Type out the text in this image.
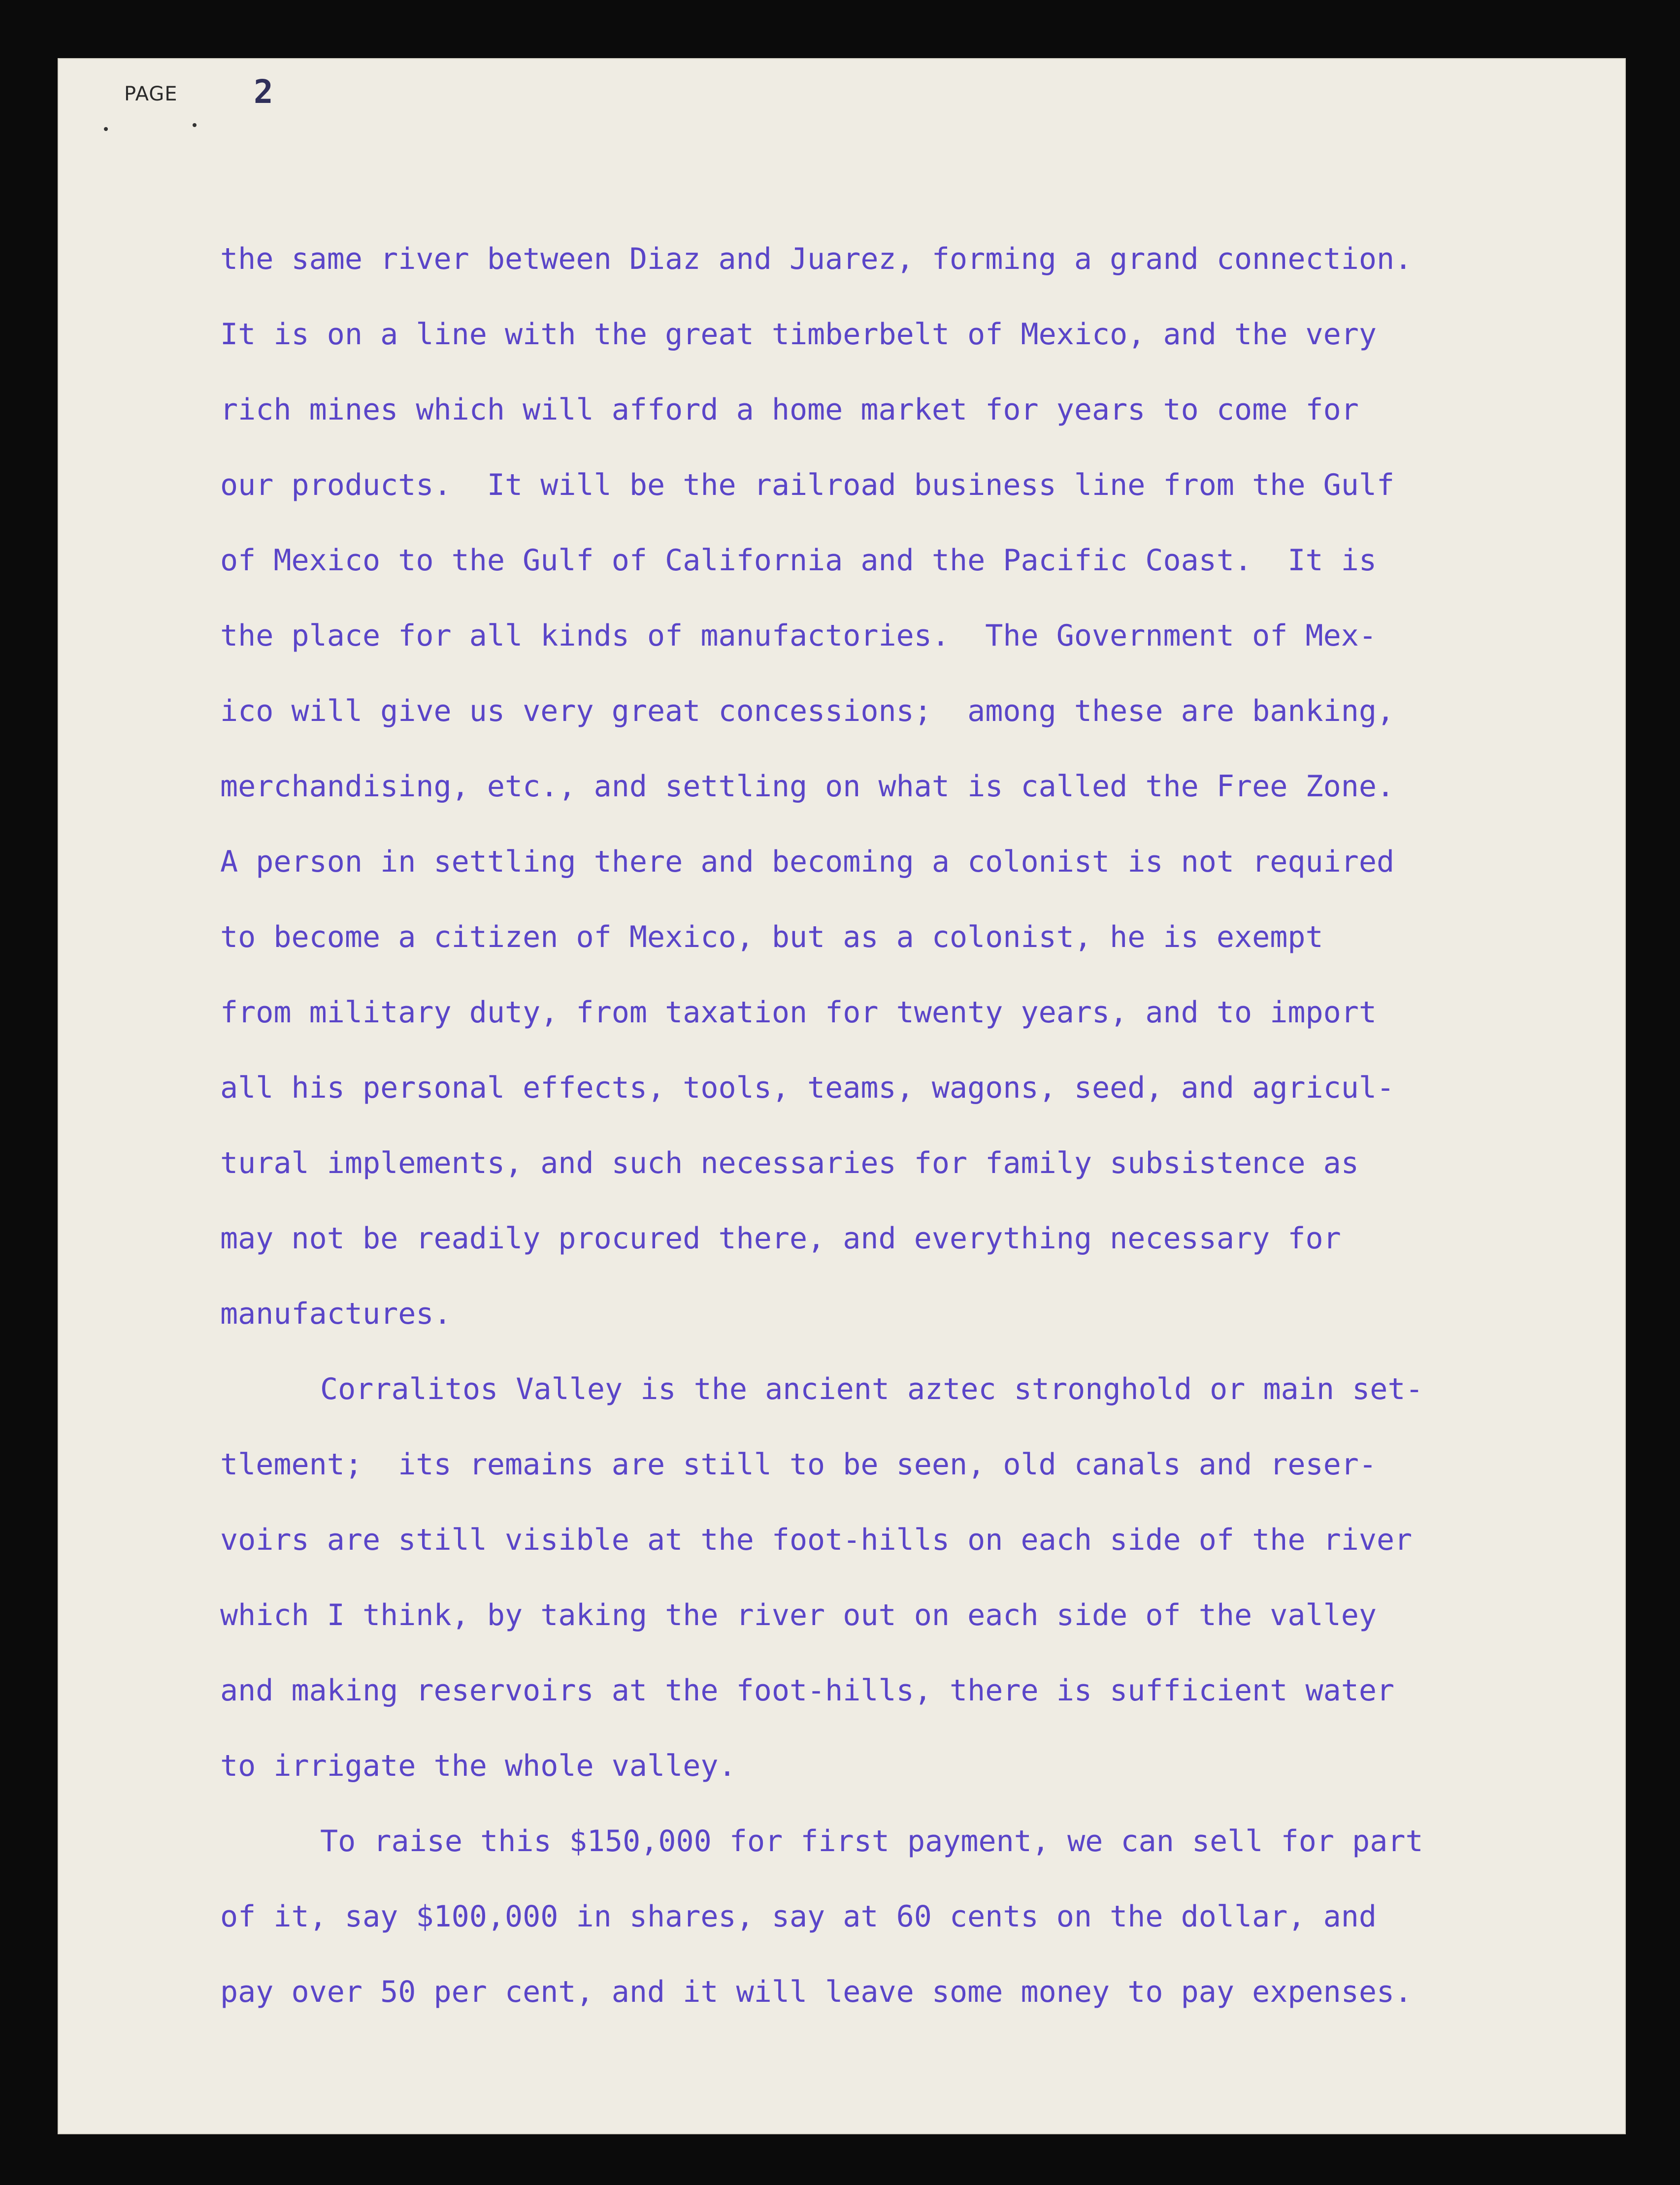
PAGE 2
the same river between Diaz and Juarez, forming a grand connection.
It is on a line with the great timberbelt of Mexico, and the very
rich mines which will afford a home market for years to come for
our products.  It will be the railroad business line from the Gulf
of Mexico to the Gulf of California and the Pacific Coast.  It is
the place for all kinds of manufactories.  The Government of Mex-
ico will give us very great concessions;  among these are banking,
merchandising, etc., and settling on what is called the Free Zone.
A person in settling there and becoming a colonist is not required
to become a citizen of Mexico, but as a colonist, he is exempt
from military duty, from taxation for twenty years, and to import
all his personal effects, tools, teams, wagons, seed, and agricul-
tural implements, and such necessaries for family subsistence as
may not be readily procured there, and everything necessary for
manufactures.
Corralitos Valley is the ancient aztec stronghold or main set-
tlement;  its remains are still to be seen, old canals and reser-
voirs are still visible at the foot-hills on each side of the river
which I think, by taking the river out on each side of the valley
and making reservoirs at the foot-hills, there is sufficient water
to irrigate the whole valley.
To raise this $150,000 for first payment, we can sell for part
of it, say $100,000 in shares, say at 60 cents on the dollar, and
pay over 50 per cent, and it will leave some money to pay expenses.
